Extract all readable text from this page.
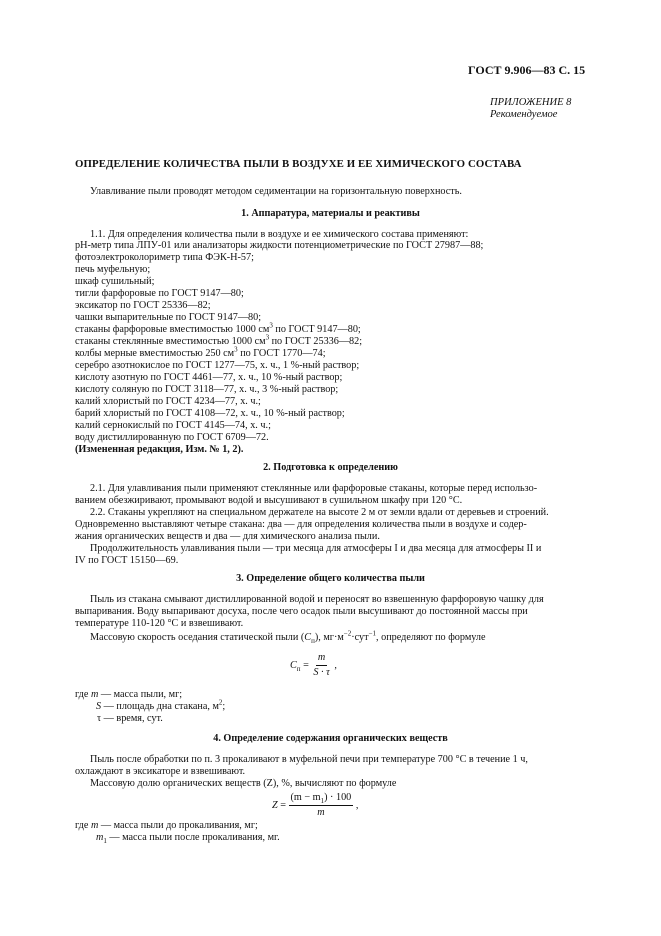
ГОСТ 9.906—83 С. 15
ПРИЛОЖЕНИЕ 8
Рекомендуемое
ОПРЕДЕЛЕНИЕ КОЛИЧЕСТВА ПЫЛИ В ВОЗДУХЕ И ЕЕ ХИМИЧЕСКОГО СОСТАВА
Улавливание пыли проводят методом седиментации на горизонтальную поверхность.
1. Аппаратура, материалы и реактивы
1.1. Для определения количества пыли в воздухе и ее химического состава применяют:
рН-метр типа ЛПУ-01 или анализаторы жидкости потенциометрические по ГОСТ 27987—88;
фотоэлектроколориметр типа ФЭК-Н-57;
печь муфельную;
шкаф сушильный;
тигли фарфоровые по ГОСТ 9147—80;
эксикатор по ГОСТ 25336—82;
чашки выпарительные по ГОСТ 9147—80;
стаканы фарфоровые вместимостью 1000 $см^3$ по ГОСТ 9147—80;
стаканы стеклянные вместимостью 1000 $см^3$ по ГОСТ 25336—82;
колбы мерные вместимостью 250 $см^3$ по ГОСТ 1770—74;
серебро азотнокислое по ГОСТ 1277—75, х. ч., 1 %-ный раствор;
кислоту азотную по ГОСТ 4461—77, х. ч., 10 %-ный раствор;
кислоту соляную по ГОСТ 3118—77, х. ч., 3 %-ный раствор;
калий хлористый по ГОСТ 4234—77, х. ч.;
барий хлористый по ГОСТ 4108—72, х. ч., 10 %-ный раствор;
калий сернокислый по ГОСТ 4145—74, х. ч.;
воду дистиллированную по ГОСТ 6709—72.
(Измененная редакция, Изм. № 1, 2).
2. Подготовка к определению
2.1. Для улавливания пыли применяют стеклянные или фарфоровые стаканы, которые перед использо-
ванием обезжиривают, промывают водой и высушивают в сушильном шкафу при 120 °С.
2.2. Стаканы укрепляют на специальном держателе на высоте 2 м от земли вдали от деревьев и строений.
Одновременно выставляют четыре стакана: два — для определения количества пыли в воздухе и содер-
жания органических веществ и два — для химического анализа пыли.
Продолжительность улавливания пыли — три месяца для атмосферы I и два месяца для атмосферы II и
IV по ГОСТ 15150—69.
3. Определение общего количества пыли
Пыль из стакана смывают дистиллированной водой и переносят во взвешенную фарфоровую чашку для
выпаривания. Воду выпаривают досуха, после чего осадок пыли высушивают до постоянной массы при
температуре 110-120 °С и взвешивают.
Массовую скорость оседания статической пыли $(С_п)$, $мг\cdot м^{-2}\cdot сут^{-1}$, определяют по формуле
$С_п = \frac{m}{S \cdot \tau}$ ,
где m — масса пыли, мг;
S — площадь дна стакана, $м^2$;
τ — время, сут.
4. Определение содержания органических веществ
Пыль после обработки по п. 3 прокаливают в муфельной печи при температуре 700 °С в течение 1 ч,
охлаждают в эксикаторе и взвешивают.
Массовую долю органических веществ (Z), %, вычисляют по формуле
$Z = \frac{(m - m_1) \cdot 100}{m}$ ,
где m — масса пыли до прокаливания, мг;
$m_1$ — масса пыли после прокаливания, мг.
